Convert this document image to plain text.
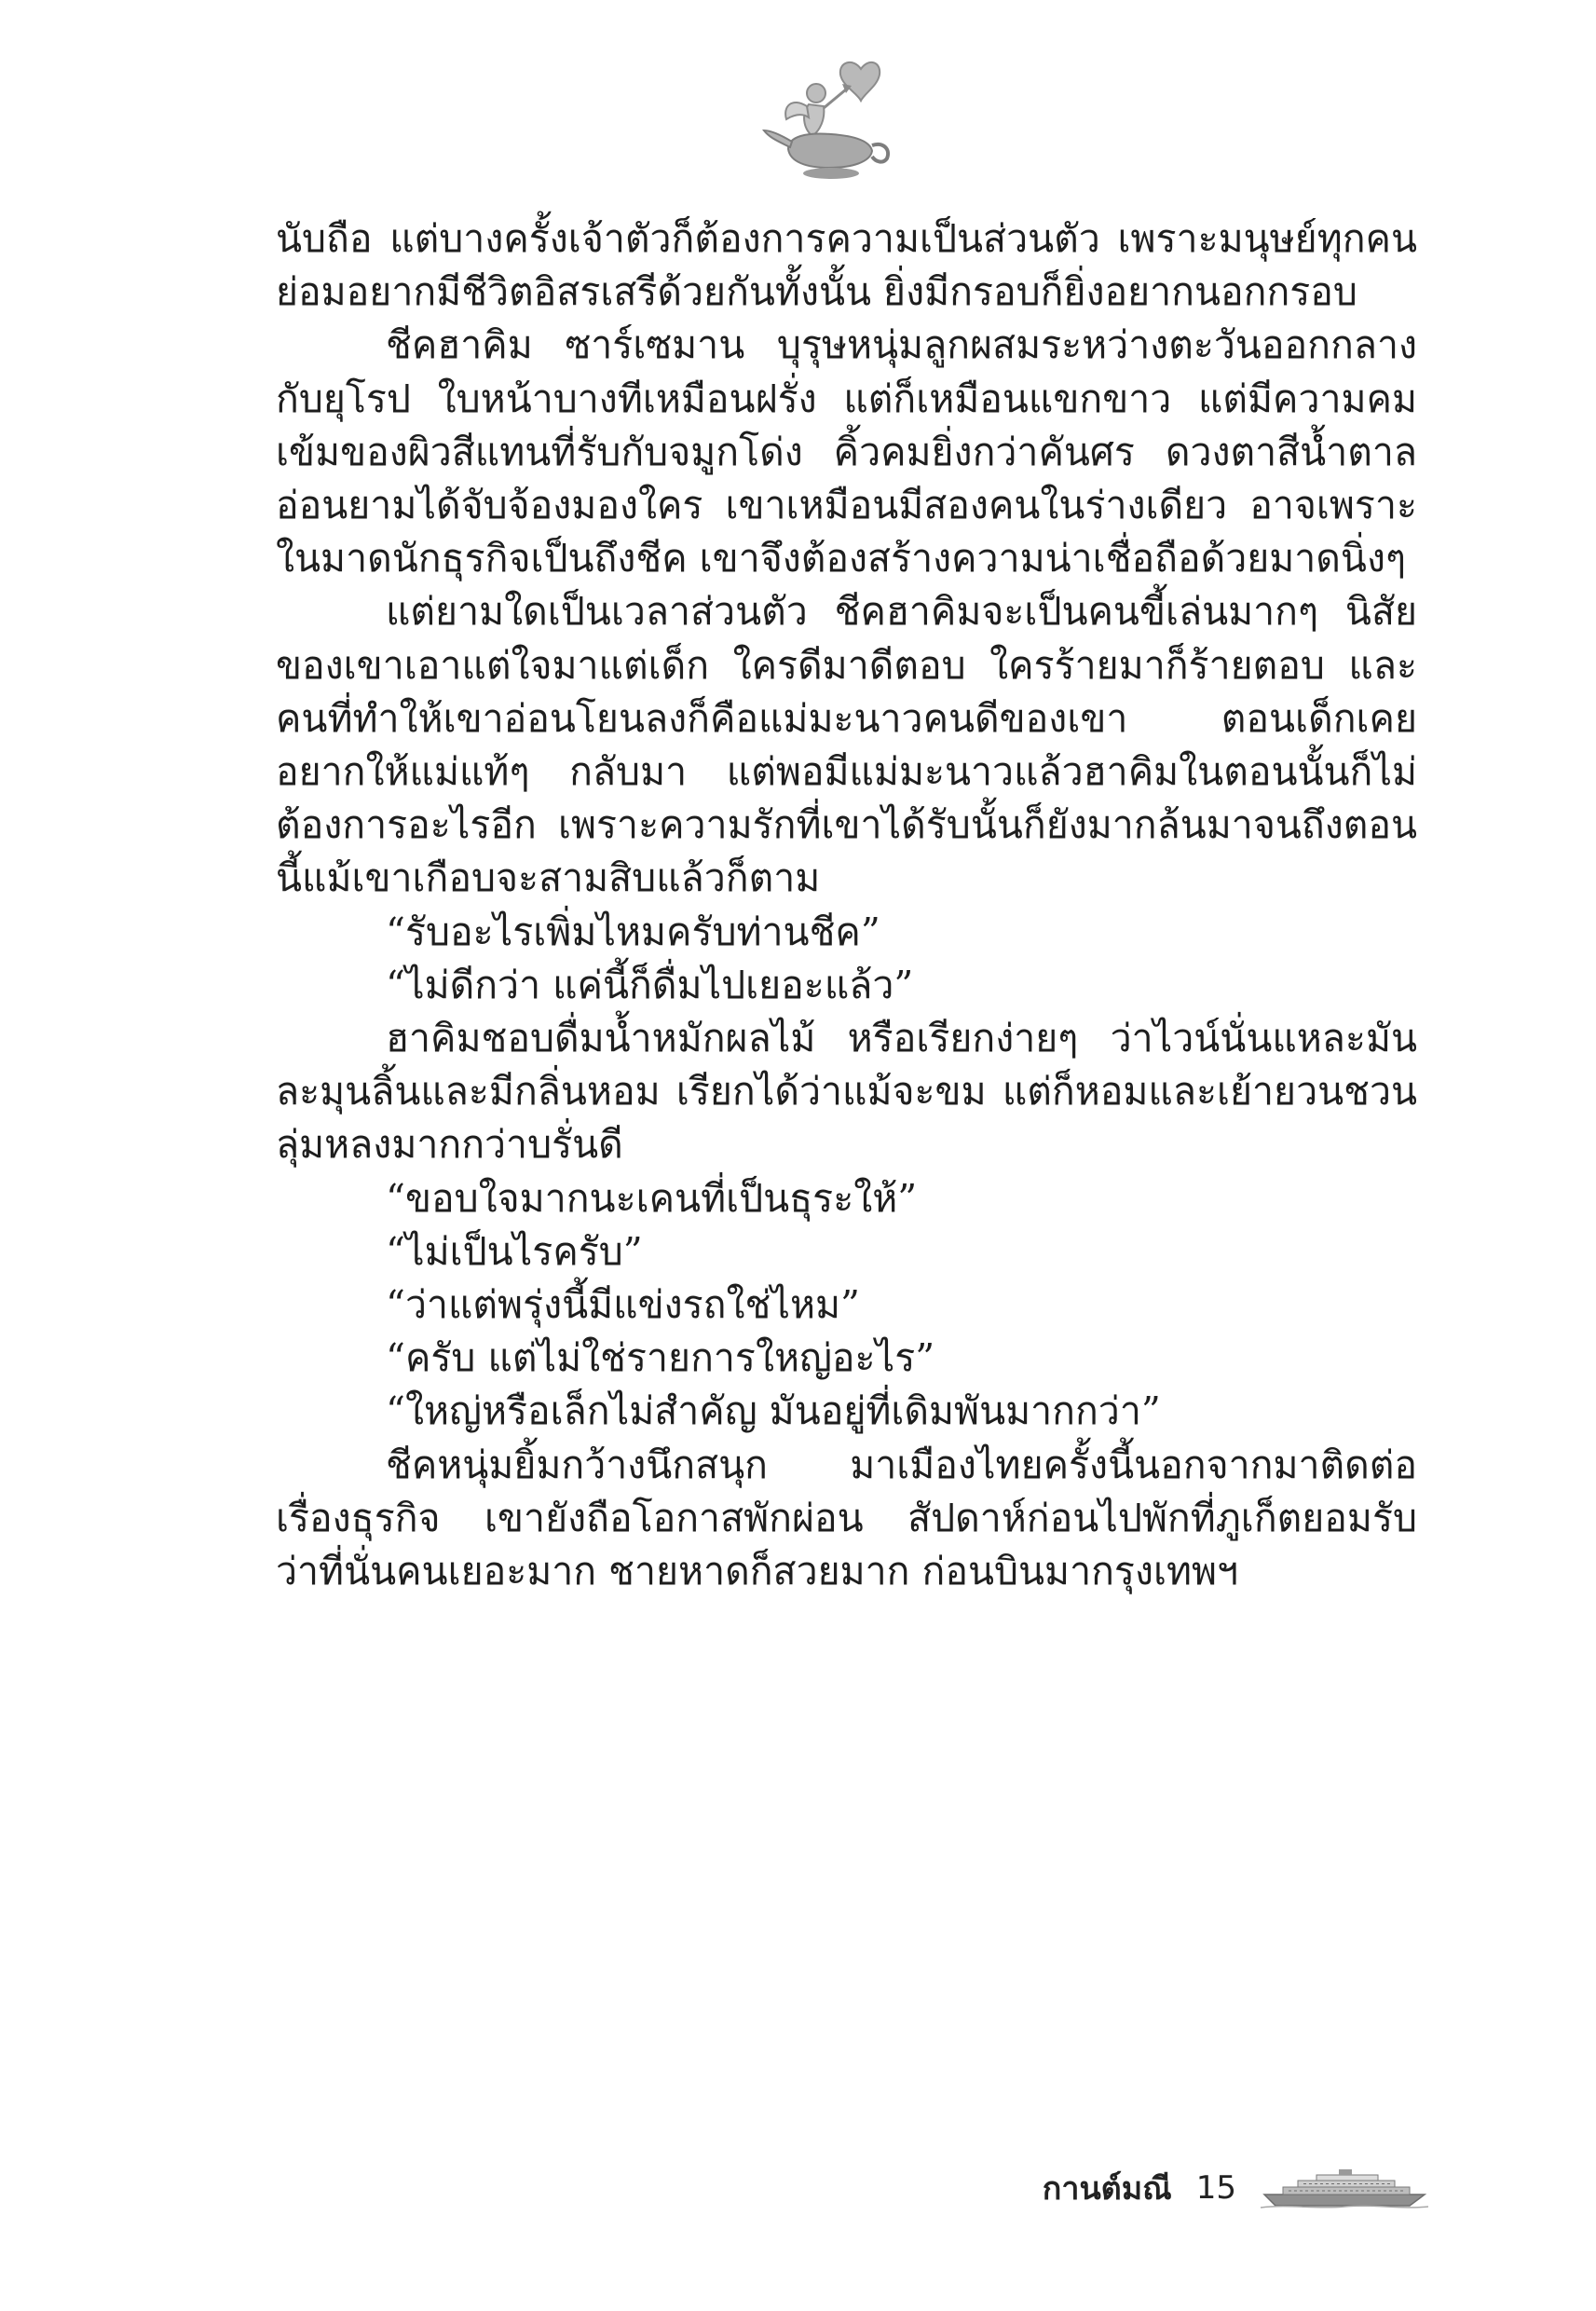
นับถือ แต่บางครั้งเจ้าตัวก็ต้องการความเป็นส่วนตัว เพราะมนุษย์ทุกคนย่อมอยากมีชีวิตอิสรเสรีด้วยกันทั้งนั้น ยิ่งมีกรอบก็ยิ่งอยากนอกกรอบ

ชีคฮาคิม ซาร์เซมาน บุรุษหนุ่มลูกผสมระหว่างตะวันออกกลางกับยุโรป ใบหน้าบางทีเหมือนฝรั่ง แต่ก็เหมือนแขกขาว แต่มีความคมเข้มของผิวสีแทนที่รับกับจมูกโด่ง คิ้วคมยิ่งกว่าคันศร ดวงตาสีน้ำตาลอ่อนยามได้จับจ้องมองใคร เขาเหมือนมีสองคนในร่างเดียว อาจเพราะในมาดนักธุรกิจเป็นถึงชีค เขาจึงต้องสร้างความน่าเชื่อถือด้วยมาดนิ่งๆ

แต่ยามใดเป็นเวลาส่วนตัว ชีคฮาคิมจะเป็นคนขี้เล่นมากๆ นิสัยของเขาเอาแต่ใจมาแต่เด็ก ใครดีมาดีตอบ ใครร้ายมาก็ร้ายตอบ และคนที่ทำให้เขาอ่อนโยนลงก็คือแม่มะนาวคนดีของเขา ตอนเด็กเคยอยากให้แม่แท้ๆ กลับมา แต่พอมีแม่มะนาวแล้วฮาคิมในตอนนั้นก็ไม่ต้องการอะไรอีก เพราะความรักที่เขาได้รับนั้นก็ยังมากล้นมาจนถึงตอนนี้แม้เขาเกือบจะสามสิบแล้วก็ตาม

“รับอะไรเพิ่มไหมครับท่านชีค”

“ไม่ดีกว่า แค่นี้ก็ดื่มไปเยอะแล้ว”

ฮาคิมชอบดื่มน้ำหมักผลไม้ หรือเรียกง่ายๆ ว่าไวน์นั่นแหละมันละมุนลิ้นและมีกลิ่นหอม เรียกได้ว่าแม้จะขม แต่ก็หอมและเย้ายวนชวนลุ่มหลงมากกว่าบรั่นดี

“ขอบใจมากนะเคนที่เป็นธุระให้”

“ไม่เป็นไรครับ”

“ว่าแต่พรุ่งนี้มีแข่งรถใช่ไหม”

“ครับ แต่ไม่ใช่รายการใหญ่อะไร”

“ใหญ่หรือเล็กไม่สำคัญ มันอยู่ที่เดิมพันมากกว่า”

ชีคหนุ่มยิ้มกว้างนึกสนุก มาเมืองไทยครั้งนี้นอกจากมาติดต่อเรื่องธุรกิจ เขายังถือโอกาสพักผ่อน สัปดาห์ก่อนไปพักที่ภูเก็ตยอมรับว่าที่นั่นคนเยอะมาก ชายหาดก็สวยมาก ก่อนบินมากรุงเทพฯ

กานต์มณี 15
